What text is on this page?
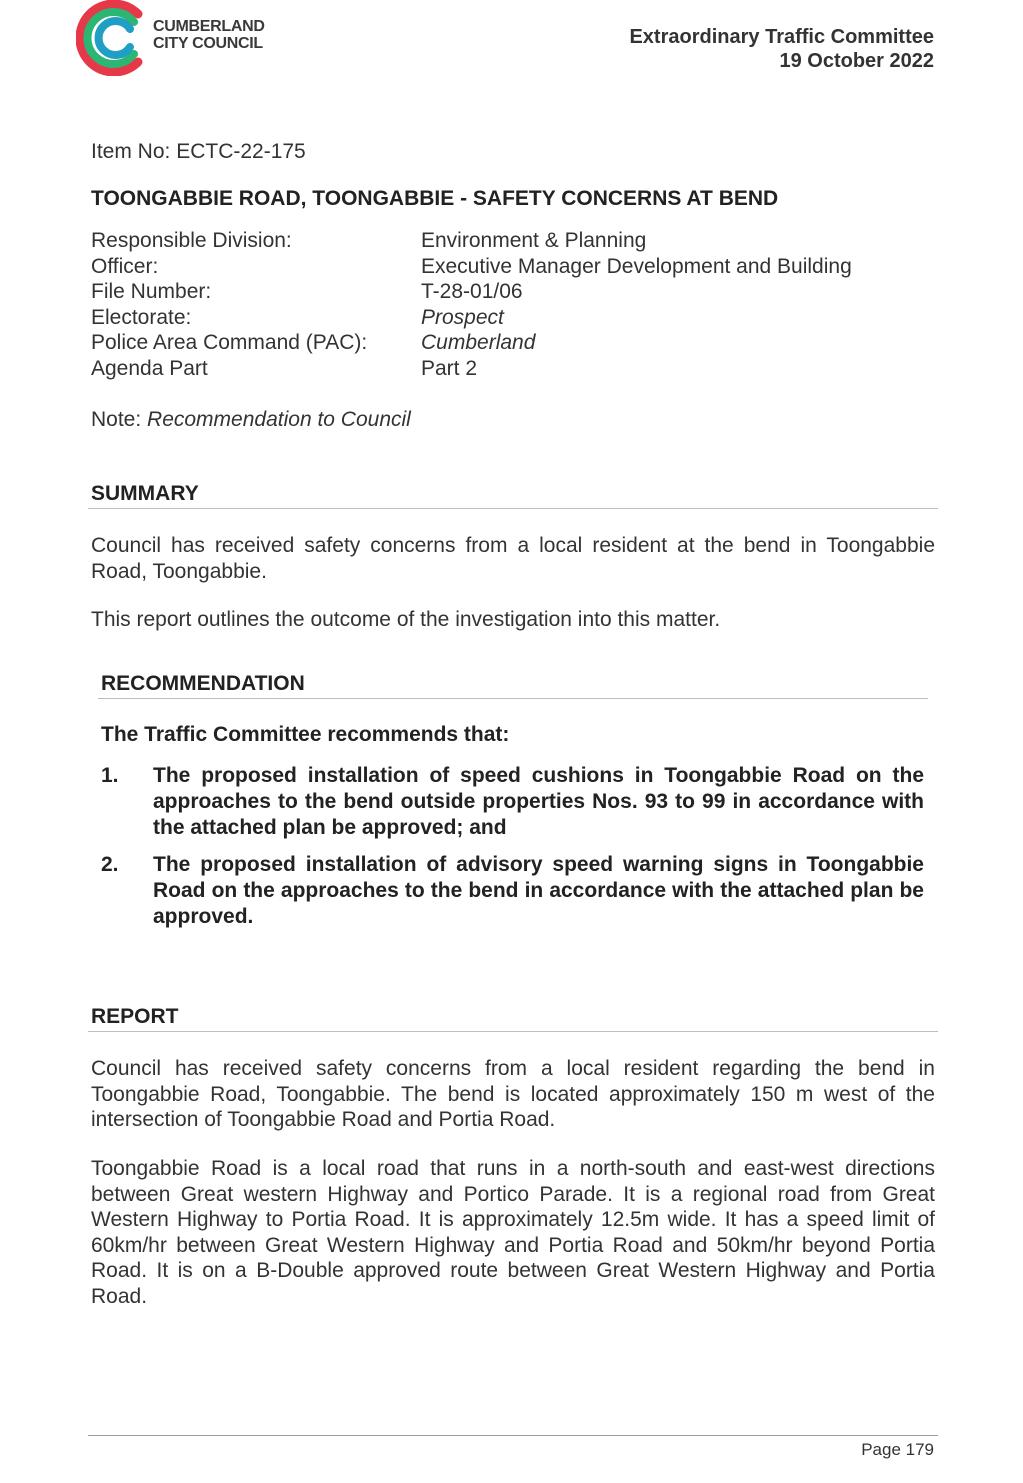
CUMBERLAND
CITY COUNCIL	Extraordinary Traffic Committee
19 October 2022
Item No: ECTC-22-175
TOONGABBIE ROAD, TOONGABBIE - SAFETY CONCERNS AT BEND
Responsible Division:	Environment & Planning
Officer:	Executive Manager Development and Building
File Number:	T-28-01/06
Electorate:	Prospect
Police Area Command (PAC):	Cumberland
Agenda Part	Part 2
Note: Recommendation to Council
SUMMARY
Council has received safety concerns from a local resident at the bend in Toongabbie Road, Toongabbie.
This report outlines the outcome of the investigation into this matter.
RECOMMENDATION
The Traffic Committee recommends that:
1.	The proposed installation of speed cushions in Toongabbie Road on the approaches to the bend outside properties Nos. 93 to 99 in accordance with the attached plan be approved; and
2.	The proposed installation of advisory speed warning signs in Toongabbie Road on the approaches to the bend in accordance with the attached plan be approved.
REPORT
Council has received safety concerns from a local resident regarding the bend in Toongabbie Road, Toongabbie. The bend is located approximately 150 m west of the intersection of Toongabbie Road and Portia Road.
Toongabbie Road is a local road that runs in a north-south and east-west directions between Great western Highway and Portico Parade. It is a regional road from Great Western Highway to Portia Road. It is approximately 12.5m wide. It has a speed limit of 60km/hr between Great Western Highway and Portia Road and 50km/hr beyond Portia Road. It is on a B-Double approved route between Great Western Highway and Portia Road.
Page 179
